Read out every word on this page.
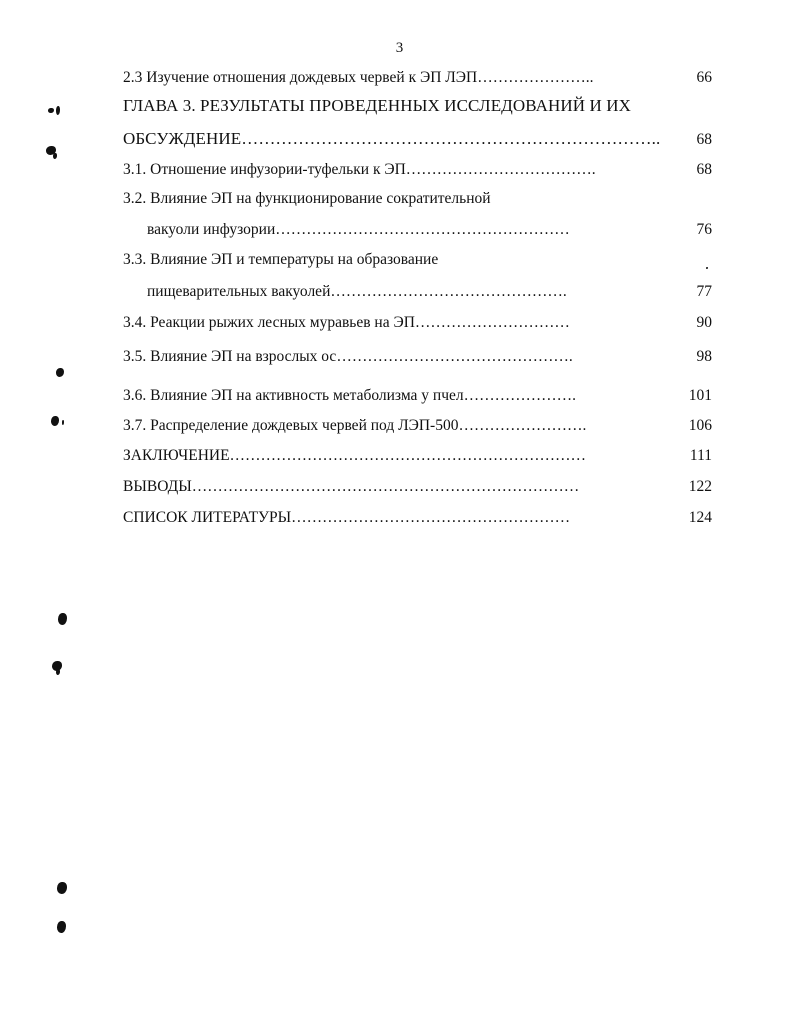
3
2.3 Изучение отношения дождевых червей к ЭП ЛЭП…………………..	66
ГЛАВА 3. РЕЗУЛЬТАТЫ ПРОВЕДЕННЫХ ИССЛЕДОВАНИЙ И ИХ
ОБСУЖДЕНИЕ………………………………………………………………..	68
3.1. Отношение инфузории-туфельки к ЭП……………………………….	68
3.2. Влияние ЭП на функционирование сократительной
вакуоли инфузории…………………………………………………	76
3.3. Влияние ЭП и температуры на образование
пищеварительных вакуолей……………………………………….	77
3.4. Реакции рыжих лесных муравьев на ЭП…………………………	90
3.5. Влияние ЭП на взрослых ос……………………………………….	98
3.6. Влияние ЭП на активность метаболизма у пчел………………….	101
3.7. Распределение дождевых червей под ЛЭП-500…………………….	106
ЗАКЛЮЧЕНИЕ……………………………………………………………	111
ВЫВОДЫ…………………………………………………………………	122
СПИСОК ЛИТЕРАТУРЫ………………………………………………	124
